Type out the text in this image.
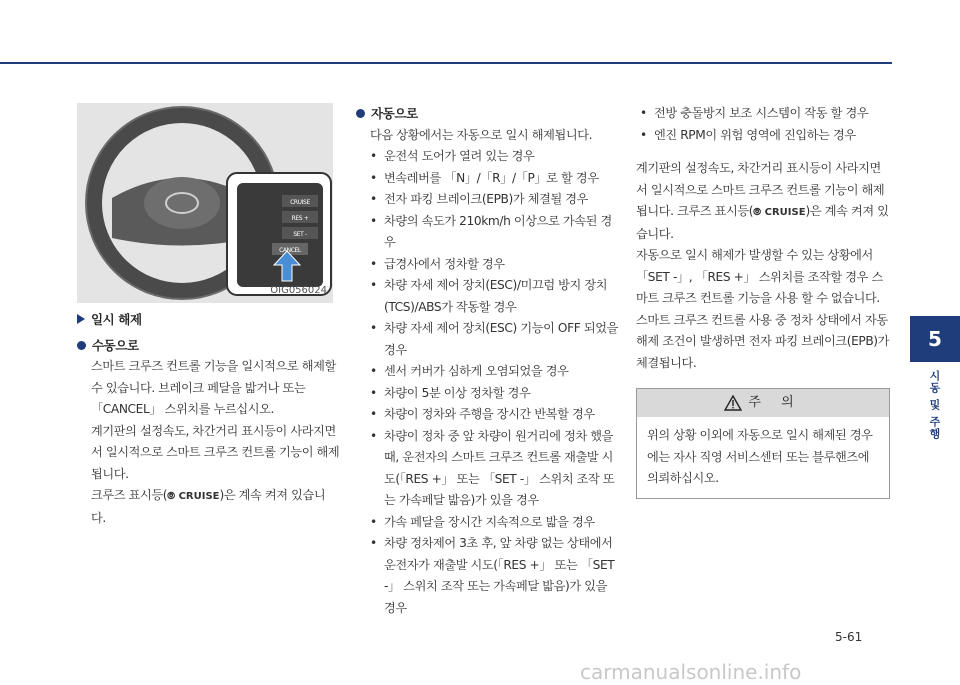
CRUISE
RES +
SET -
CANCEL
OIG056024
일시 해제
수동으로
스마트 크루즈 컨트롤 기능을 일시적으로 해제할 수 있습니다. 브레이크 페달을 밟거나 또는 「CANCEL」 스위치를 누르십시오.
계기판의 설정속도, 차간거리 표시등이 사라지면서 일시적으로 스마트 크루즈 컨트롤 기능이 해제됩니다.
크루즈 표시등(⦾ CRUISE)은 계속 켜져 있습니다.
자동으로
다음 상황에서는 자동으로 일시 해제됩니다.
• 운전석 도어가 열려 있는 경우
• 변속레버를 「N」/「R」/「P」로 할 경우
• 전자 파킹 브레이크(EPB)가 체결될 경우
• 차량의 속도가 210km/h 이상으로 가속된 경우
• 급경사에서 정차할 경우
• 차량 자세 제어 장치(ESC)/미끄럼 방지 장치(TCS)/ABS가 작동할 경우
• 차량 자세 제어 장치(ESC) 기능이 OFF 되었을 경우
• 센서 커버가 심하게 오염되었을 경우
• 차량이 5분 이상 정차할 경우
• 차량이 정차와 주행을 장시간 반복할 경우
• 차량이 정차 중 앞 차량이 원거리에 정차 했을 때, 운전자의 스마트 크루즈 컨트롤 재출발 시도(「RES +」 또는 「SET -」 스위치 조작 또는 가속페달 밟음)가 있을 경우
• 가속 페달을 장시간 지속적으로 밟을 경우
• 차량 정차제어 3초 후, 앞 차량 없는 상태에서 운전자가 재출발 시도(「RES +」 또는 「SET -」 스위치 조작 또는 가속페달 밟음)가 있을 경우
• 전방 충돌방지 보조 시스템이 작동 할 경우
• 엔진 RPM이 위험 영역에 진입하는 경우
계기판의 설정속도, 차간거리 표시등이 사라지면서 일시적으로 스마트 크루즈 컨트롤 기능이 해제됩니다. 크루즈 표시등(⦾ CRUISE)은 계속 켜져 있습니다.
자동으로 일시 해제가 발생할 수 있는 상황에서 「SET -」, 「RES +」 스위치를 조작할 경우 스마트 크루즈 컨트롤 기능을 사용 할 수 없습니다.
스마트 크루즈 컨트롤 사용 중 정차 상태에서 자동 해제 조건이 발생하면 전자 파킹 브레이크(EPB)가 체결됩니다.
주 의
위의 상황 이외에 자동으로 일시 해제된 경우에는 자사 직영 서비스센터 또는 블루핸즈에 의뢰하십시오.
5
시동 및 주행
5-61
carmanualsonline.info
